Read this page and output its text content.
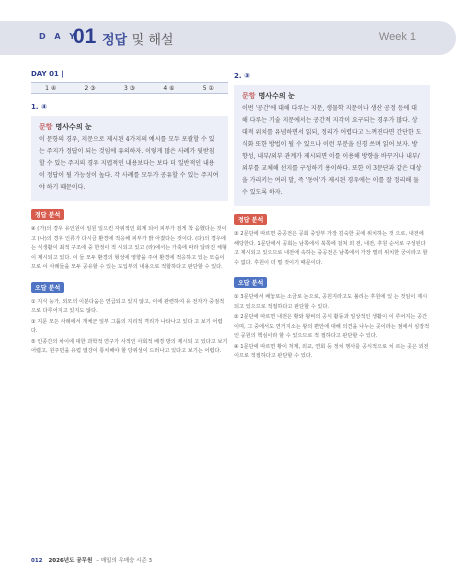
D A Y
01 정답 및 해설	Week 1
DAY 01 |
1 ④	2 ③	3 ③	4 ⑥	5 ①
1. ④
문항 명사수의 눈
이 문항의 경우, 지문으로 제시된 4가지의 예시를 모두 포괄할 수 있는 주지가 정답이 되는 것임에 유의하자. 이렇게 많은 사례가 뒷받침할 수 있는 주지의 경우 지엽적인 내용보다는 보다 더 일반적인 내용이 정답이 될 가능성이 높다. 각 사례를 모두가 공유할 수 있는 주지여야 하기 때문이다.
정답 분석

④ (가)의 경우 유인원이 일원 일으킨 자위적인 회계 되어 피부가 검게 착 음했다는 것이고 (나)의 경우 인류가 다시금 환경에 적응해 피부가 밝 아졌다는 것이다. (다)의 경우에는 식생활이 최적 구조에 중 한정이 적 시되고 있고 (라)에서는 가축에 따라 달라진 체형이 제시되고 있다. 이 들 모두 환경의 형성에 영향을 주어 환경에 적응하고 있는 모습이므로 이 사례들을 모두 공유할 수 있는 도입부의 내용으로 적합하다고 판단할 수 있다.

오답 분석

① 지식 능가, 외모의 이분다움은 연급되고 있지 않고, 이에 관련하여 유 전자가 중점적으로 다루어지고 있지도 않다.

③ 지문 모든 사례에서 개체군 일부 그룹의 지리적 격리가 나타나고 있다 고 보기 어렵다.

⑤ 인종간의 차이에 대한 과학적 연구가 사적인 사회적 배경 방의 제시되 고 있다고 보기 어렵고, 원주민을 유럽 열강이 통치해야 할 당위성이 드러나고 있다고 보기는 어렵다.

2. ③
문항 명사수의 눈
이번 '공간'에 대해 다루는 지문, 생물학 지문이나 생산 공정 등에 대해 다루는 기술 지문에서는 공간적 지각이 요구되는 경우가 많다. 상대적 위치를 유념하면서 읽되, 정리가 어렵다고 느껴진다면 간단한 도식화 또한 방법이 될 수 있으나 이런 부분을 신경 쓰며 읽어 보자. 방향성, 내부/외부 관계가 제시되면 이를 이용해 방향을 바꾸거나 내부/외부를 교체해 선지를 구성하기 용이하다. 또한 이 3문단과 같은 대상을 가리키는 여러 말, 즉 '동어'가 제시된 경우에는 이를 잘 정리해 둘 수 있도록 하자.
정답 분석

③ 2문단에 따르면 중공전은 공회 중앙부 가장 깊숙한 곳에 위치하는 것 으로, 내전에 해당한다. 1문단에서 공회는 남쪽에서 북쪽에 걸쳐 외 전, 내전, 후원 순서로 구성된다고 제시되고 있으므로 내전에 속하는 중공전은 남쪽에서 가장 멀리 위치한 궁이라고 할 수 없다. 후원이 더 멀 것이기 때문이다.

오답 분석

① 3문단에서 배놓또는 소금로 논으로, 공원지라고도 불리는 후원에 있 는 것임이 제시되고 있으므로 적절하다고 판단할 수 있다.

② 2문단에 따르면 내전은 황와 왕비의 공식 활동과 일상적인 생활이 이 루어지는 공간이며, 그 중에서도 연거지소는 왕의 편안에 대해 의견을 나누는 곳이라는 점에서 심장적인 공원의 핵심이라 할 수 있으므로 적 절하다고 판단할 수 있다.

④ 1문단에 따르면 황이 처제, 외교, 연회 등 정치 행사를 공식적으로 치 르는 곳은 외전이므로 적절하다고 판단할 수 있다.

012 2026년도 공무원 – 매일의 우매숭 시즌 3
